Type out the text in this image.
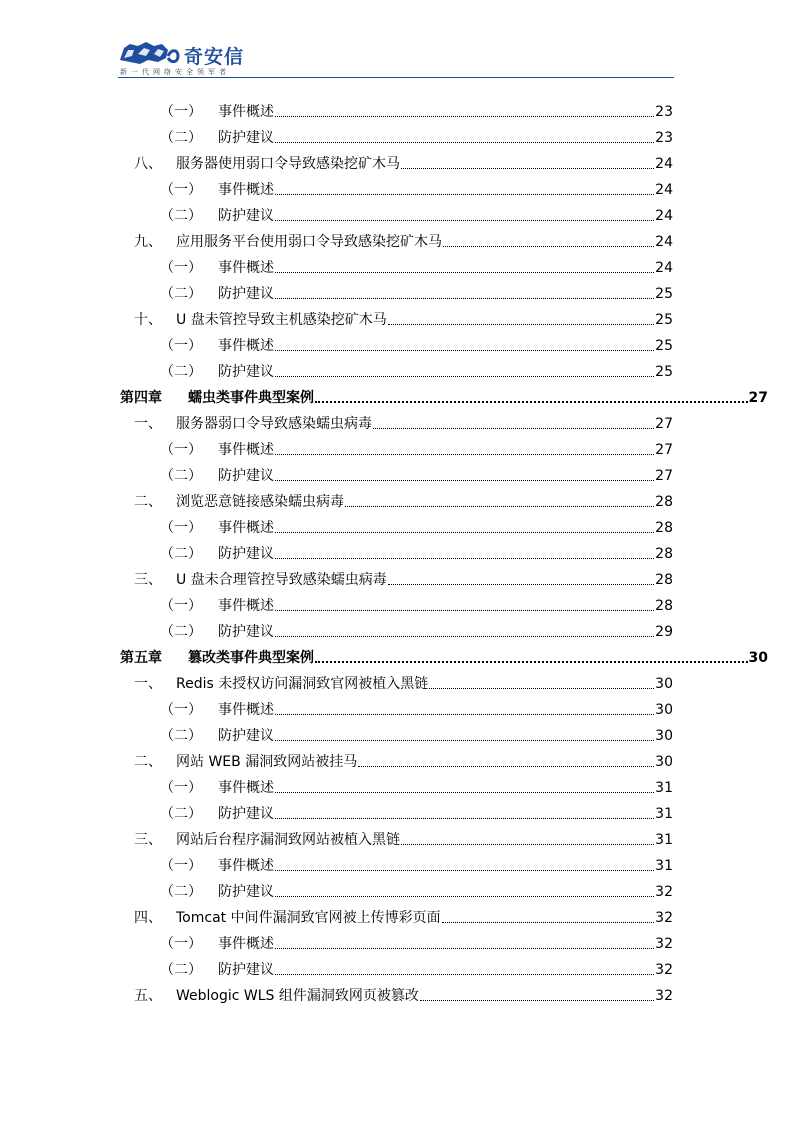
奇安信
新一代网络安全领军者
（一）	事件概述	23
（二）	防护建议	23
八、	服务器使用弱口令导致感染挖矿木马	24
（一）	事件概述	24
（二）	防护建议	24
九、	应用服务平台使用弱口令导致感染挖矿木马	24
（一）	事件概述	24
（二）	防护建议	25
十、	U 盘未管控导致主机感染挖矿木马	25
（一）	事件概述	25
（二）	防护建议	25
第四章	蠕虫类事件典型案例	27
一、	服务器弱口令导致感染蠕虫病毒	27
（一）	事件概述	27
（二）	防护建议	27
二、	浏览恶意链接感染蠕虫病毒	28
（一）	事件概述	28
（二）	防护建议	28
三、	U 盘未合理管控导致感染蠕虫病毒	28
（一）	事件概述	28
（二）	防护建议	29
第五章	篡改类事件典型案例	30
一、	Redis 未授权访问漏洞致官网被植入黑链	30
（一）	事件概述	30
（二）	防护建议	30
二、	网站 WEB 漏洞致网站被挂马	30
（一）	事件概述	31
（二）	防护建议	31
三、	网站后台程序漏洞致网站被植入黑链	31
（一）	事件概述	31
（二）	防护建议	32
四、	Tomcat 中间件漏洞致官网被上传博彩页面	32
（一）	事件概述	32
（二）	防护建议	32
五、	Weblogic WLS 组件漏洞致网页被篡改	32
